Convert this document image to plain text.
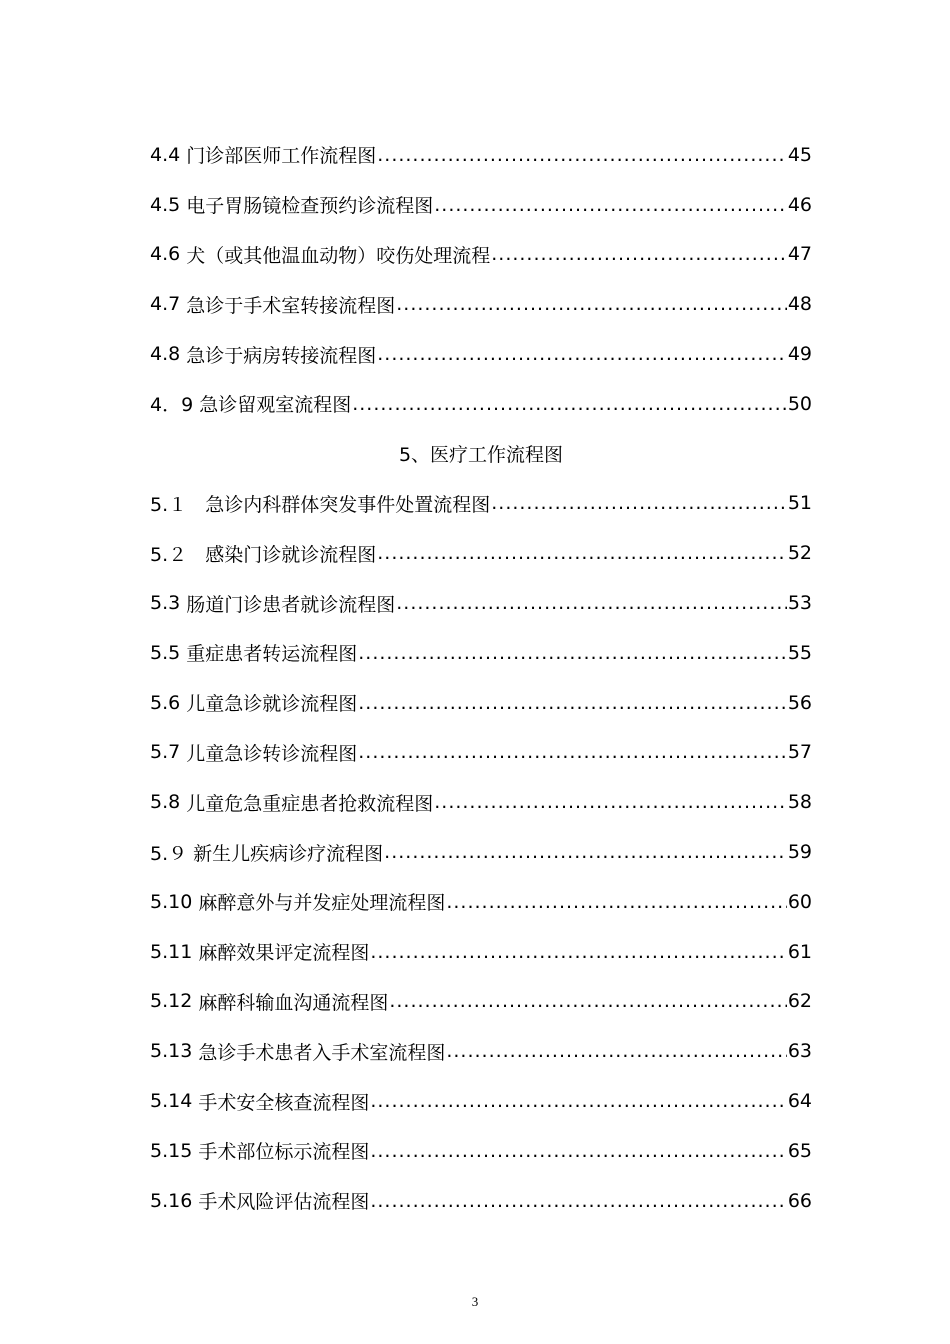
4.4 门诊部医师工作流程图 .....	45
4.5 电子胃肠镜检查预约诊流程图 .....	46
4.6 犬（或其他温血动物）咬伤处理流程 .....	47
4.7 急诊于手术室转接流程图 .....	48
4.8 急诊于病房转接流程图 .....	49
4．9 急诊留观室流程图 .....	50
5、医疗工作流程图
5.１ 急诊内科群体突发事件处置流程图 .....	51
5.２ 感染门诊就诊流程图 .....	52
5.3 肠道门诊患者就诊流程图 .....	53
5.5 重症患者转运流程图 .....	55
5.6 儿童急诊就诊流程图 .....	56
5.7 儿童急诊转诊流程图 .....	57
5.8 儿童危急重症患者抢救流程图 .....	58
5.９ 新生儿疾病诊疗流程图 .....	59
5.10 麻醉意外与并发症处理流程图 .....	60
5.11 麻醉效果评定流程图 .....	61
5.12 麻醉科输血沟通流程图 .....	62
5.13 急诊手术患者入手术室流程图 .....	63
5.14 手术安全核查流程图 .....	64
5.15 手术部位标示流程图 .....	65
5.16 手术风险评估流程图 .....	66
3
